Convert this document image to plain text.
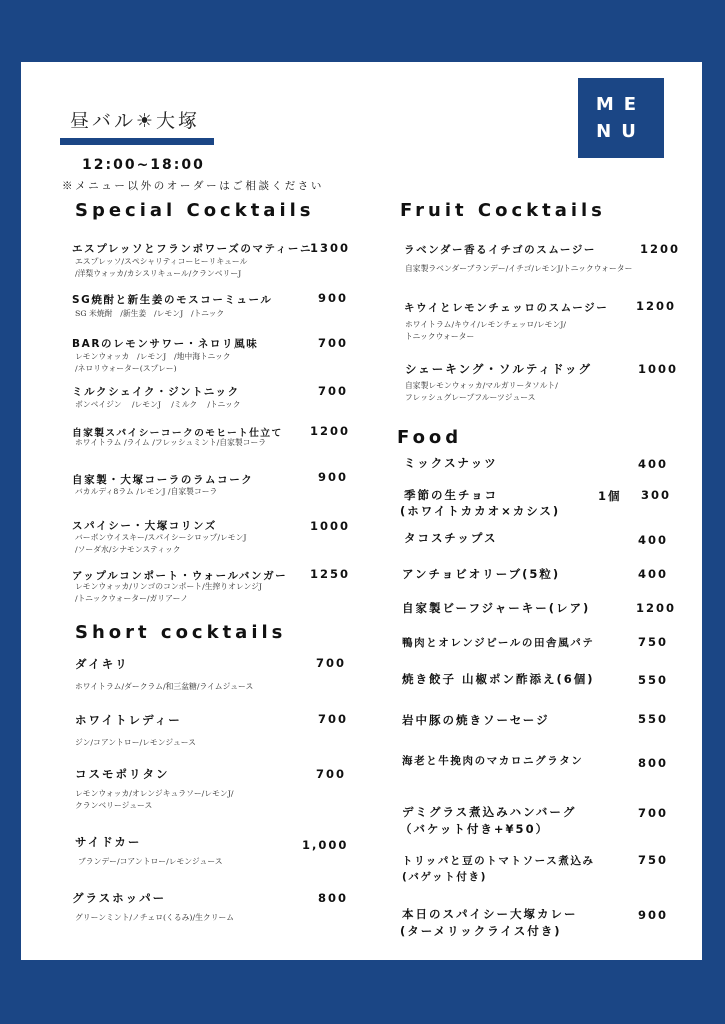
昼バル☀大塚
ME
NU
12:00~18:00
※メニュー以外のオーダーはご相談ください
Special Cocktails
Short cocktails
Fruit Cocktails
Food
エスプレッソとフランボワーズのマティーニ
1300
エスプレッソ/スペシャリティコーヒーリキュール
/洋梨ウォッカ/カシスリキュール/クランベリーJ
SG焼酎と新生姜のモスコーミュール	900
SG 米焼酎　/新生姜　/レモンJ　/トニック
BARのレモンサワー・ネロリ風味	700
レモンウォッカ　/レモンJ　/地中海トニック
/ネロリウォーター(スプレー)
ミルクシェイク・ジントニック	700
ボンベイジン　 /レモンJ　 /ミルク　 /トニック
自家製スパイシーコークのモヒート仕立て 1200
ホワイトラム /ライム /フレッシュミント/自家製コーラ
自家製・大塚コーラのラムコーク	900
バカルディ8ラム /レモンJ /自家製コーラ
スパイシー・大塚コリンズ	1000
バーボンウイスキー/スパイシーシロップ/レモンJ
/ソーダ水/シナモンスティック
アップルコンポート・ウォールバンガー 1250
レモンウォッカ/リンゴのコンポート/生搾りオレンジJ
/トニックウォーター/ガリアーノ
ダイキリ	700
ホワイトラム/ダークラム/和三盆糖/ライムジュース
ホワイトレディー	700
ジン/コアントロー/レモンジュース
コスモポリタン	700
レモンウォッカ/オレンジキュラソー/レモンJ/
クランベリージュース
サイドカー	1,000
ブランデー/コアントロー/レモンジュース
グラスホッパー	800
グリーンミント/ノチェロ(くるみ)/生クリーム
ラベンダー香るイチゴのスムージー	1200
自家製ラベンダーブランデー/イチゴ/レモンJ/トニックウォーター
キウイとレモンチェッロのスムージー 1200
ホワイトラム/キウイ/レモンチェッロ/レモンJ/
トニックウォーター
シェーキング・ソルティドッグ	1000
自家製レモンウォッカ/マルガリータソルト/
フレッシュグレープフルーツジュース
ミックスナッツ	400
季節の生チョコ
(ホワイトカカオ×カシス)
1個 300
タコスチップス	400
アンチョビオリーブ(5粒)	400
自家製ビーフジャーキー(レア)	1200
鴨肉とオレンジピールの田舎風パテ	750
焼き餃子 山椒ポン酢添え(6個)	550
岩中豚の焼きソーセージ	550
海老と牛挽肉のマカロニグラタン	800
デミグラス煮込みハンバーグ
（バケット付き+¥50）
700
トリッパと豆のトマトソース煮込み
(バゲット付き)
750
本日のスパイシー大塚カレー
(ターメリックライス付き)
900
